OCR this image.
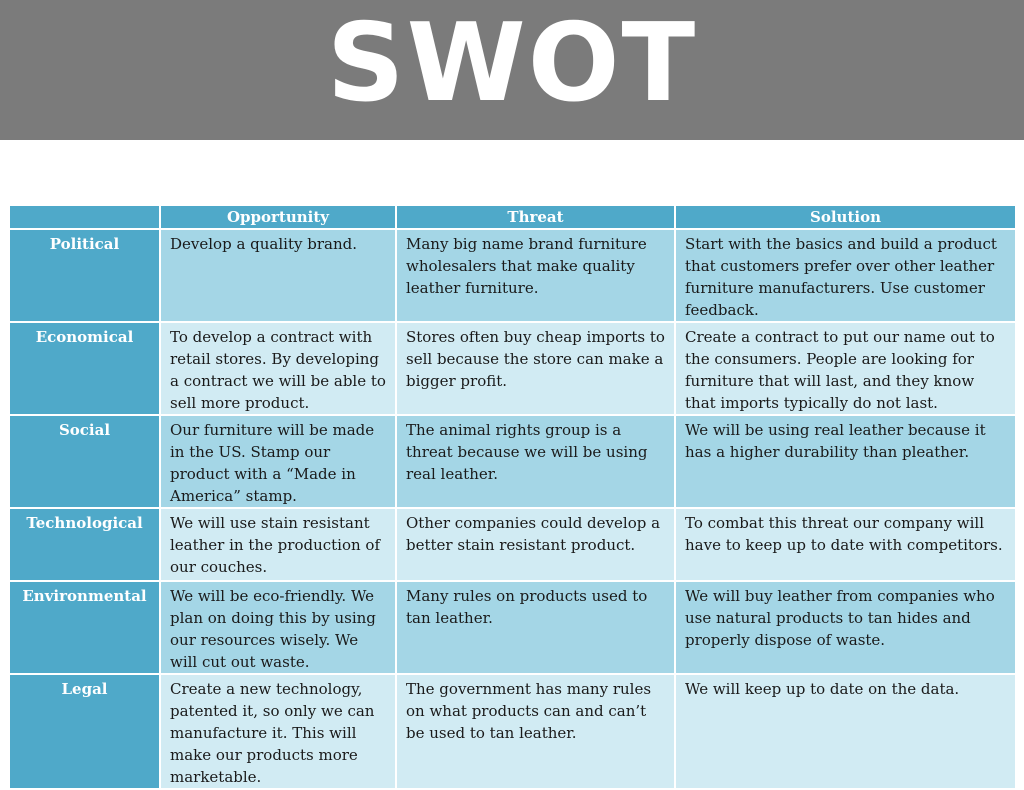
SWOT
	Opportunity	Threat	Solution
Political	Develop a quality brand.	Many big name brand furniture wholesalers that make quality leather furniture.	Start with the basics and build a product that customers prefer over other leather furniture manufacturers. Use customer feedback.
Economical	To develop a contract with retail stores. By developing a contract we will be able to sell more product.	Stores often buy cheap imports to sell because the store can make a bigger profit.	Create a contract to put our name out to the consumers. People are looking for furniture that will last, and they know that imports typically do not last.
Social	Our furniture will be made in the US. Stamp our product with a “Made in America” stamp.	The animal rights group is a threat because we will be using real leather.	We will be using real leather because it has a higher durability than pleather.
Technological	We will use stain resistant leather in the production of our couches.	Other companies could develop a better stain resistant product.	To combat this threat our company will have to keep up to date with competitors.
Environmental	We will be eco-friendly. We plan on doing this by using our resources wisely. We will cut out waste.	Many rules on products used to tan leather.	We will buy leather from companies who use natural products to tan hides and properly dispose of waste.
Legal	Create a new technology, patented it, so only we can manufacture it. This will make our products more marketable.	The government has many rules on what products can and can’t be used to tan leather.	We will keep up to date on the data.
